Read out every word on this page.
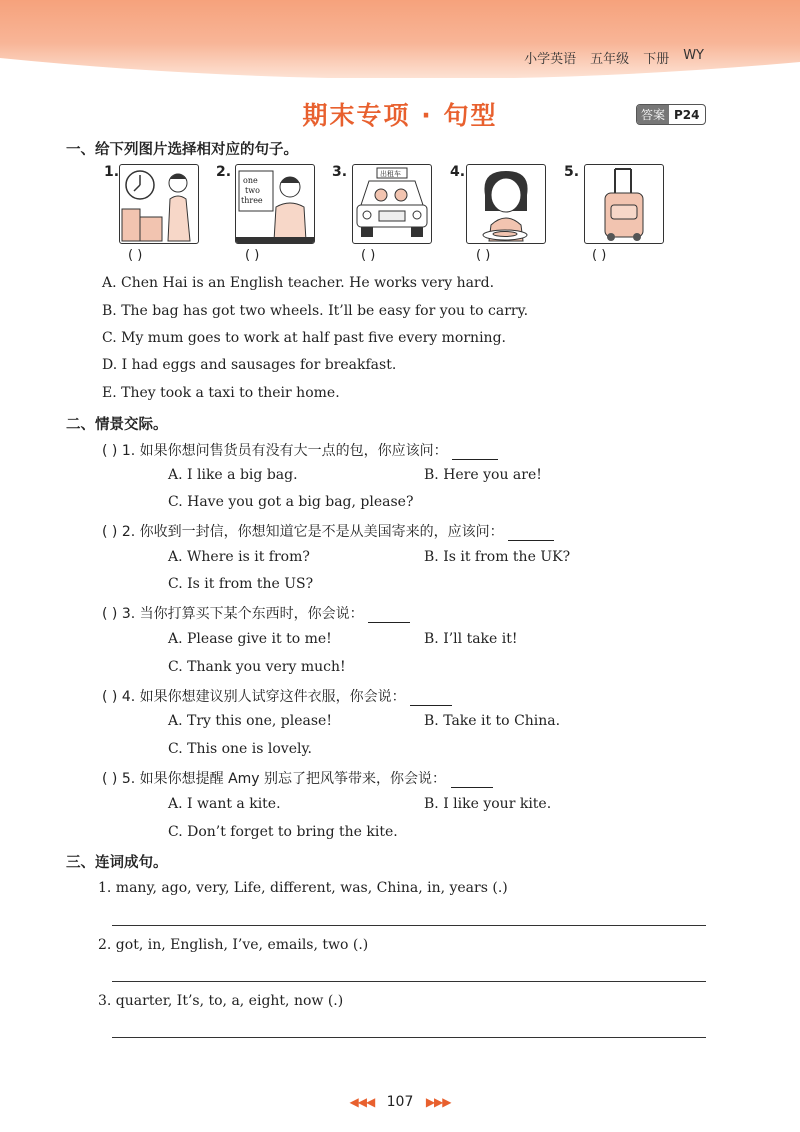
小学英语 五年级 下册 WY
期末专项 · 句型	答案 P24
一、给下列图片选择相对应的句子。
1.
( )
2.
one
two
three
( )
3.	出租车
( )
4.
( )
5.
( )
A. Chen Hai is an English teacher. He works very hard.
B. The bag has got two wheels. It’ll be easy for you to carry.
C. My mum goes to work at half past five every morning.
D. I had eggs and sausages for breakfast.
E. They took a taxi to their home.
二、情景交际。
( ) 1. 如果你想问售货员有没有大一点的包，你应该问：
A. I like a big bag.	B. Here you are!
C. Have you got a big bag, please?
( ) 2. 你收到一封信，你想知道它是不是从美国寄来的，应该问：
A. Where is it from?	B. Is it from the UK?
C. Is it from the US?
( ) 3. 当你打算买下某个东西时，你会说：
A. Please give it to me!	B. I’ll take it!
C. Thank you very much!
( ) 4. 如果你想建议别人试穿这件衣服，你会说：
A. Try this one, please!	B. Take it to China.
C. This one is lovely.
( ) 5. 如果你想提醒 Amy 别忘了把风筝带来，你会说：
A. I want a kite.	B. I like your kite.
C. Don’t forget to bring the kite.
三、连词成句。
1. many, ago, very, Life, different, was, China, in, years (.)
2. got, in, English, I’ve, emails, two (.)
3. quarter, It’s, to, a, eight, now (.)
◀◀◀ 107 ▶▶▶
